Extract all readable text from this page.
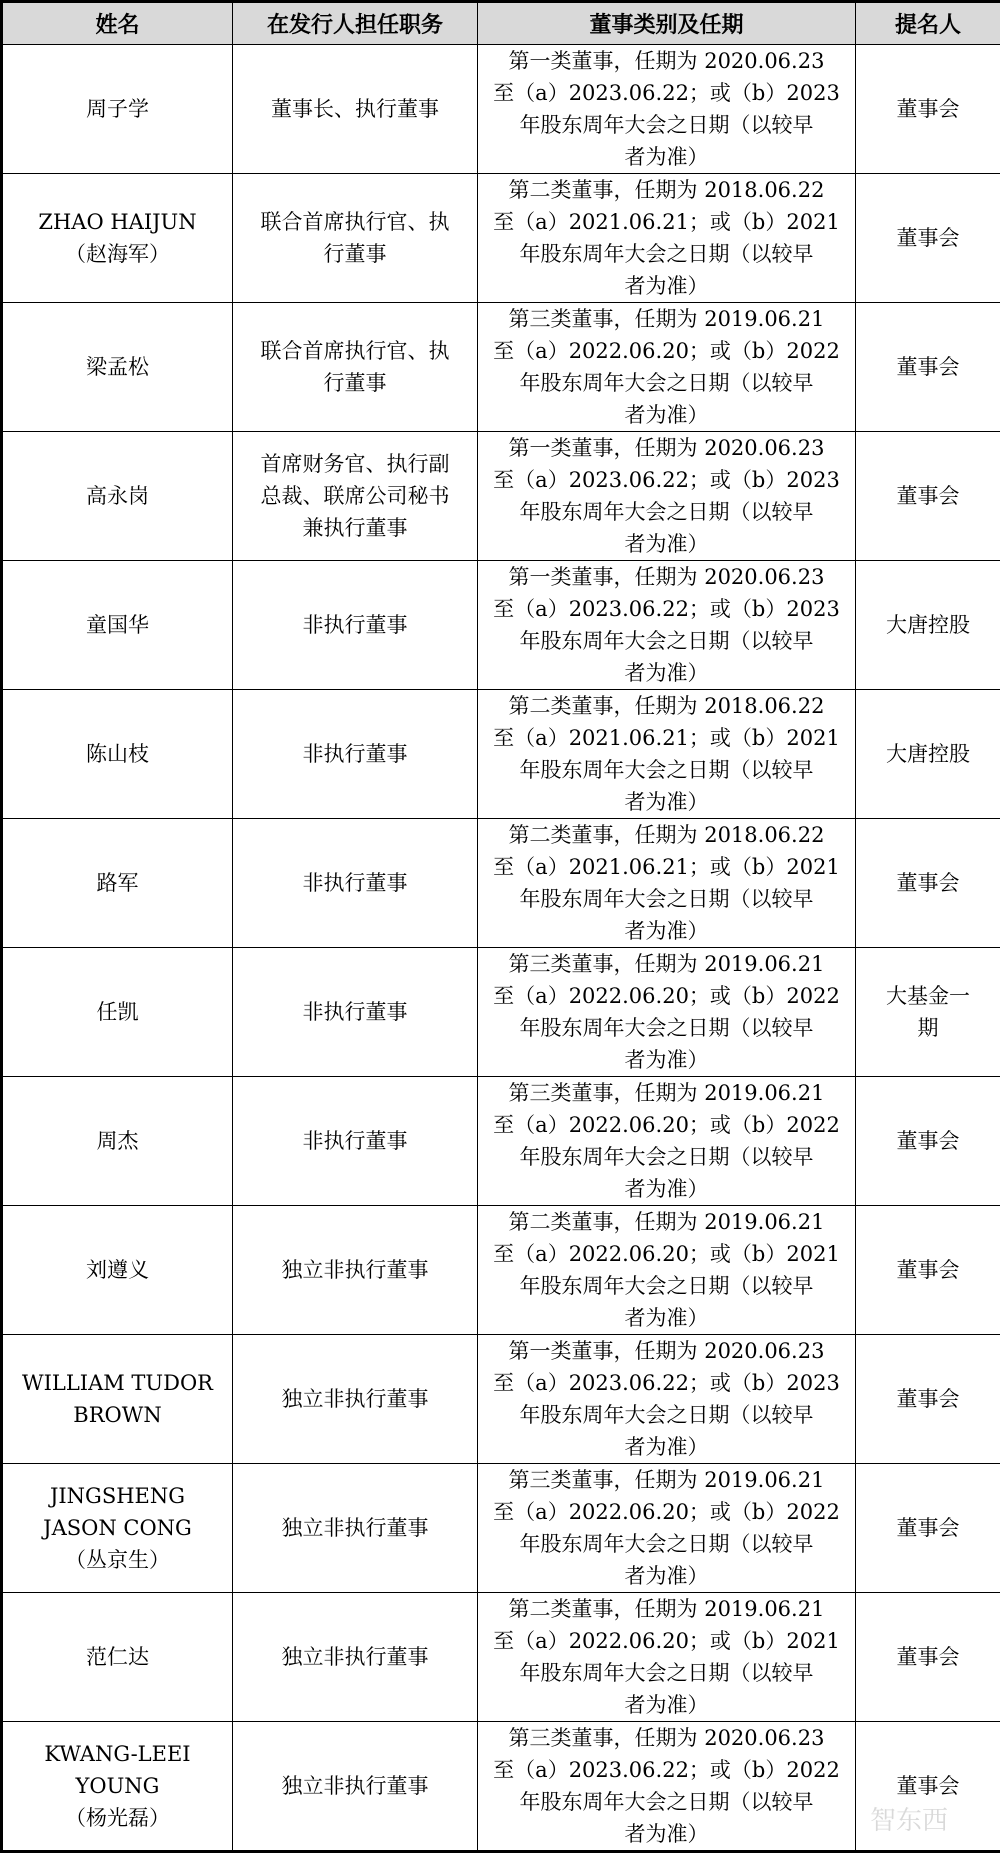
姓名	在发行人担任职务	董事类别及任期	提名人

周子学	董事长、执行董事	第一类董事，任期为 2020.06.23
至（a）2023.06.22；或（b）2023
年股东周年大会之日期（以较早
者为准）	董事会

ZHAO HAIJUN
（赵海军）	联合首席执行官、执
行董事	第二类董事，任期为 2018.06.22
至（a）2021.06.21；或（b）2021
年股东周年大会之日期（以较早
者为准）	董事会

梁孟松	联合首席执行官、执
行董事	第三类董事，任期为 2019.06.21
至（a）2022.06.20；或（b）2022
年股东周年大会之日期（以较早
者为准）	董事会

高永岗	首席财务官、执行副
总裁、联席公司秘书
兼执行董事	第一类董事，任期为 2020.06.23
至（a）2023.06.22；或（b）2023
年股东周年大会之日期（以较早
者为准）	董事会

童国华	非执行董事	第一类董事，任期为 2020.06.23
至（a）2023.06.22；或（b）2023
年股东周年大会之日期（以较早
者为准）	大唐控股

陈山枝	非执行董事	第二类董事，任期为 2018.06.22
至（a）2021.06.21；或（b）2021
年股东周年大会之日期（以较早
者为准）	大唐控股

路军	非执行董事	第二类董事，任期为 2018.06.22
至（a）2021.06.21；或（b）2021
年股东周年大会之日期（以较早
者为准）	董事会

任凯	非执行董事	第三类董事，任期为 2019.06.21
至（a）2022.06.20；或（b）2022
年股东周年大会之日期（以较早
者为准）	大基金一
期

周杰	非执行董事	第三类董事，任期为 2019.06.21
至（a）2022.06.20；或（b）2022
年股东周年大会之日期（以较早
者为准）	董事会

刘遵义	独立非执行董事	第二类董事，任期为 2019.06.21
至（a）2022.06.20；或（b）2021
年股东周年大会之日期（以较早
者为准）	董事会

WILLIAM TUDOR
BROWN	独立非执行董事	第一类董事，任期为 2020.06.23
至（a）2023.06.22；或（b）2023
年股东周年大会之日期（以较早
者为准）	董事会

JINGSHENG
JASON CONG
（丛京生）	独立非执行董事	第三类董事，任期为 2019.06.21
至（a）2022.06.20；或（b）2022
年股东周年大会之日期（以较早
者为准）	董事会

范仁达	独立非执行董事	第二类董事，任期为 2019.06.21
至（a）2022.06.20；或（b）2021
年股东周年大会之日期（以较早
者为准）	董事会

KWANG-LEEI
YOUNG
（杨光磊）	独立非执行董事	第三类董事，任期为 2020.06.23
至（a）2023.06.22；或（b）2022
年股东周年大会之日期（以较早
者为准）	董事会
智东西
